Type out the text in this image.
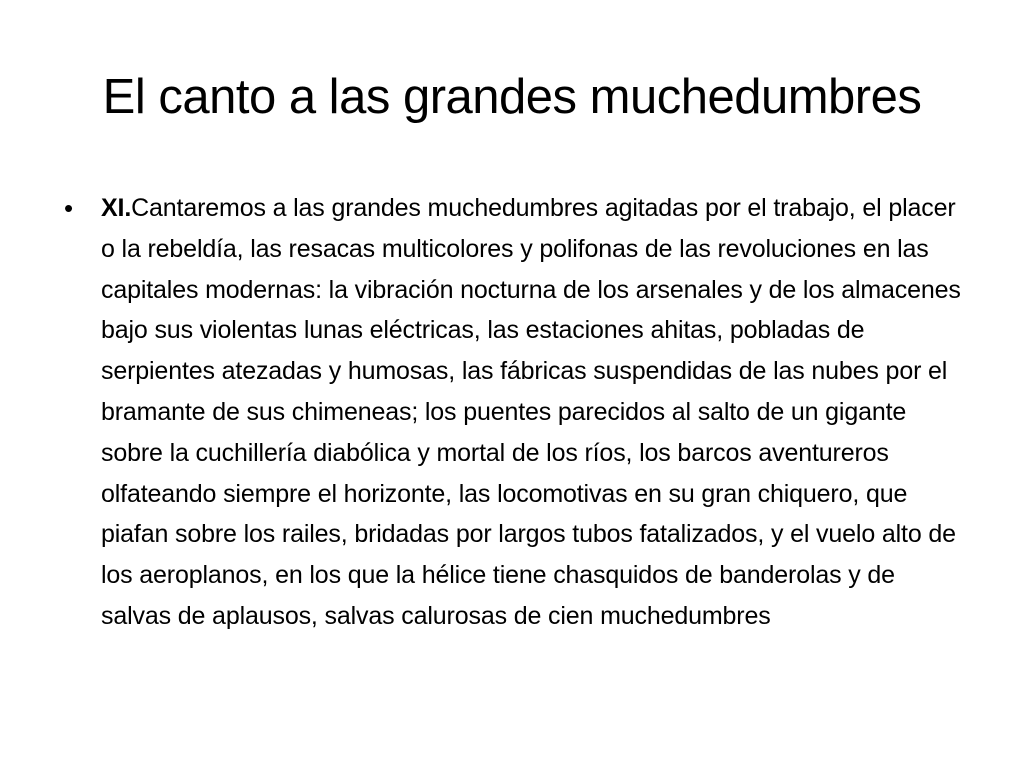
El canto a las grandes muchedumbres
• XI.Cantaremos a las grandes muchedumbres agitadas por el trabajo, el placer o la rebeldía, las resacas multicolores y polifonas de las revoluciones en las capitales modernas: la vibración nocturna de los arsenales y de los almacenes bajo sus violentas lunas eléctricas, las estaciones ahitas, pobladas de serpientes atezadas y humosas, las fábricas suspendidas de las nubes por el bramante de sus chimeneas; los puentes parecidos al salto de un gigante sobre la cuchillería diabólica y mortal de los ríos, los barcos aventureros olfateando siempre el horizonte, las locomotivas en su gran chiquero, que piafan sobre los railes, bridadas por largos tubos fatalizados, y el vuelo alto de los aeroplanos, en los que la hélice tiene chasquidos de banderolas y de salvas de aplausos, salvas calurosas de cien muchedumbres
